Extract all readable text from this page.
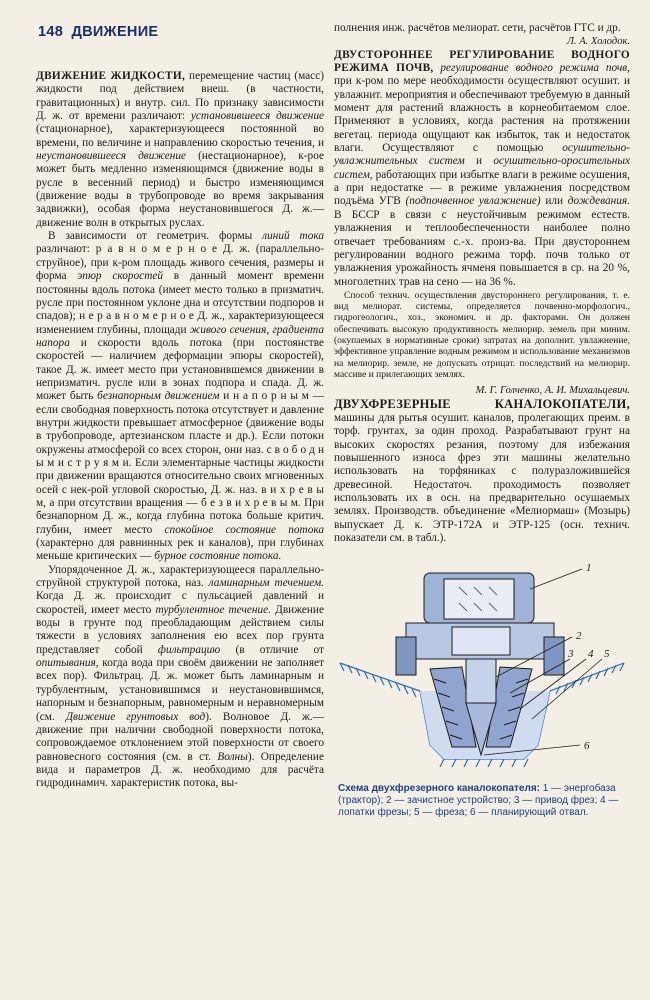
148 ДВИЖЕНИЕ

ДВИЖЕНИЕ ЖИДКОСТИ, перемещение частиц (масс) жидкости под действием внеш. (в частности, гравитационных) и внутр. сил. По признаку зависимости Д. ж. от времени различают: установившееся движение (стационарное), характеризующееся постоянной во времени, по величине и направлению скоростью течения, и неустановившееся движение (нестационарное), к-рое может быть медленно изменяющимся (движение воды в русле в весенний период) и быстро изменяющимся (движение воды в трубопроводе во время закрывания задвижки), особая форма неустановившегося Д. ж.— движение волн в открытых руслах.

В зависимости от геометрич. формы линий тока различают: р а в н о м е р н о е Д. ж. (параллельно-струйное), при к-ром площадь живого сечения, размеры и форма эпюр скоростей в данный момент времени постоянны вдоль потока (имеет место только в призматич. русле при постоянном уклоне дна и отсутствии подпоров и спадов); н е р а в н о м е р н о е Д. ж., характеризующееся изменением глубины, площади живого сечения, градиента напора и скорости вдоль потока (при постоянстве скоростей — наличием деформации эпюры скоростей), такое Д. ж. имеет место при установившемся движении в непризматич. русле или в зонах подпора и спада. Д. ж. может быть безнапорным движением и н а п о р н ы м — если свободная поверхность потока отсутствует и давление внутри жидкости превышает атмосферное (движение воды в трубопроводе, артезианском пласте и др.). Если потоки окружены атмосферой со всех сторон, они наз. с в о б о д н ы м и с т р у я м и. Если элементарные частицы жидкости при движении вращаются относительно своих мгновенных осей с нек-рой угловой скоростью, Д. ж. наз. в и х р е в ы м, а при отсутствии вращения — б е з в и х р е в ы м. При безнапорном Д. ж., когда глубина потока больше критич. глубин, имеет место спокойное состояние потока (характерно для равнинных рек и каналов), при глубинах меньше критических — бурное состояние потока.

Упорядоченное Д. ж., характеризующееся параллельно-струйной структурой потока, наз. ламинарным течением. Когда Д. ж. происходит с пульсацией давлений и скоростей, имеет место турбулентное течение. Движение воды в грунте под преобладающим действием силы тяжести в условиях заполнения ею всех пор грунта представляет собой фильтрацию (в отличие от опитывания, когда вода при своём движении не заполняет всех пор). Фильтрац. Д. ж. может быть ламинарным и турбулентным, установившимся и неустановившимся, напорным и безнапорным, равномерным и неравномерным (см. Движение грунтовых вод). Волновое Д. ж.— движение при наличии свободной поверхности потока, сопровождаемое отклонением этой поверхности от своего равновесного состояния (см. в ст. Волны). Определение вида и параметров Д. ж. необходимо для расчёта гидродинамич. характеристик потока, вы-

полнения инж. расчётов мелиорат. сети, расчётов ГТС и др.

Л. А. Холодок.

ДВУСТОРОННЕЕ РЕГУЛИРОВАНИЕ ВОДНОГО РЕЖИМА ПОЧВ, регулирование водного режима почв, при к-ром по мере необходимости осуществляют осушит. и увлажнит. мероприятия и обеспечивают требуемую в данный момент для растений влажность в корнеобитаемом слое. Применяют в условиях, когда растения на протяжении вегетац. периода ощущают как избыток, так и недостаток влаги. Осуществляют с помощью осушительно-увлажнительных систем и осушительно-оросительных систем, работающих при избытке влаги в режиме осушения, а при недостатке — в режиме увлажнения посредством подъёма УГВ (подпочвенное увлажнение) или дождевания. В БССР в связи с неустойчивым режимом естеств. увлажнения и теплообеспеченности наиболее полно отвечает требованиям с.-х. произ-ва. При двустороннем регулировании водного режима торф. почв только от увлажнения урожайность ячменя повышается в ср. на 20 %, многолетних трав на сено — на 36 %.

Способ технич. осуществления двустороннего регулирования, т. е. вид мелиорат. системы, определяется почвенно-морфологич., гидрогеологич., хоз., экономич. и др. факторами. Он должен обеспечивать высокую продуктивность мелиорир. земель при миним. (окупаемых в нормативные сроки) затратах на дополнит. увлажнение, эффективное управление водным режимом и использование механизмов на мелиорир. земле, не допускать отрицат. последствий на мелиорир. массиве и прилегающих землях.

М. Г. Голченко, А. И. Михальцевич.

ДВУХФРЕЗЕРНЫЕ КАНАЛОКОПАТЕЛИ, машины для рытья осушит. каналов, пролегающих преим. в торф. грунтах, за один проход. Разрабатывают грунт на высоких скоростях резания, поэтому для избежания повышенного износа фрез эти машины желательно использовать на торфяниках с полуразложившейся древесиной. Недостаточ. проходимость позволяет использовать их в осн. на предварительно осушаемых землях. Производств. объединение «Мелиормаш» (Мозырь) выпускает Д. к. ЭТР-172А и ЭТР-125 (осн. технич. показатели см. в табл.).

1
2
3 4 5
6
Схема двухфрезерного каналокопателя: 1 — энергобаза (трактор); 2 — зачистное устройство; 3 — привод фрез; 4 — лопатки фрезы; 5 — фреза; 6 — планирующий отвал.
